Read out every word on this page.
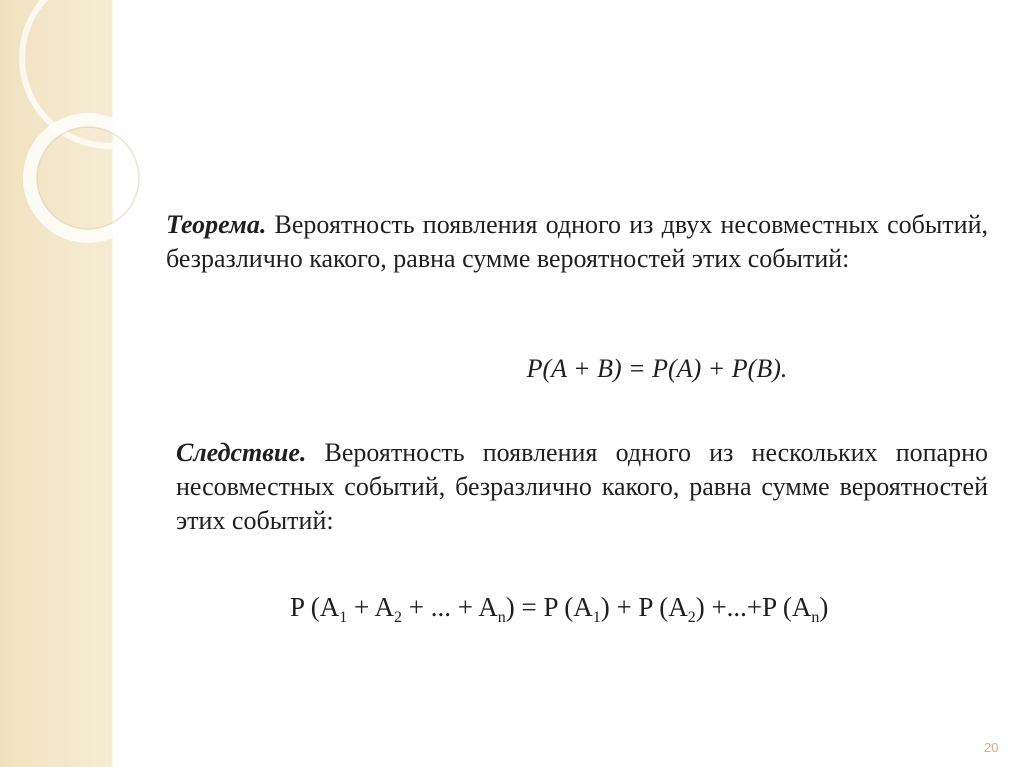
Теорема. Вероятность появления одного из двух несовместных событий, безразлично какого, равна сумме вероятностей этих событий:

P(A + B) = P(A) + P(B).

Следствие. Вероятность появления одного из нескольких попарно несовместных событий, безразлично какого, равна сумме вероятностей этих событий:

P ($A_1 + A_2$ + ... + $A_n) = P$ $(A_1) + P$ $(A_2) +...+P$ $(A_n)$
20
